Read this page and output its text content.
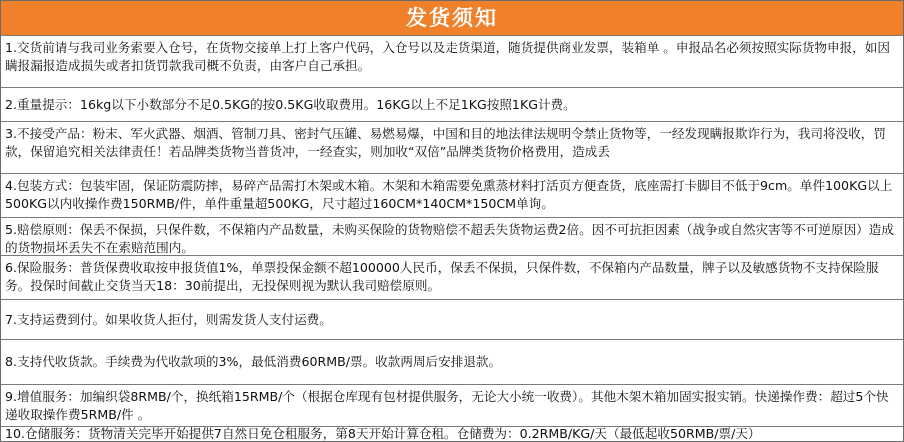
发货须知
1.交货前请与我司业务索要入仓号，在货物交接单上打上客户代码，入仓号以及走货渠道，随货提供商业发票，装箱单 。申报品名必须按照实际货物申报，如因瞒报漏报造成损失或者扣货罚款我司概不负责，由客户自己承担。
2.重量提示：16kg以下小数部分不足0.5KG的按0.5KG收取费用。16KG以上不足1KG按照1KG计费。
3.不接受产品：粉末、军火武器、烟酒、管制刀具、密封气压罐、易燃易爆，中国和目的地法律法规明令禁止货物等，一经发现瞒报欺诈行为，我司将没收，罚款，保留追究相关法律责任！若品牌类货物当普货冲，一经查实，则加收“双倍”品牌类货物价格费用，造成丢
4.包装方式：包装牢固，保证防震防摔，易碎产品需打木架或木箱。木架和木箱需要免熏蒸材料打活页方便查货，底座需打卡脚目不低于9cm。单件100KG以上500KG以内收操作费150RMB/件，单件重量超500KG，尺寸超过160CM*140CM*150CM单询。
5.赔偿原则：保丢不保损，只保件数，不保箱内产品数量，未购买保险的货物赔偿不超丢失货物运费2倍。因不可抗拒因素（战争或自然灾害等不可逆原因）造成的货物损坏丢失不在索赔范围内。
6.保险服务：普货保费收取按申报货值1%，单票投保金额不超100000人民币，保丢不保损，只保件数，不保箱内产品数量，牌子以及敏感货物不支持保险服务。投保时间截止交货当天18：30前提出，无投保则视为默认我司赔偿原则。
7.支持运费到付。如果收货人拒付，则需发货人支付运费。
8.支持代收货款。手续费为代收款项的3%，最低消费60RMB/票。收款两周后安排退款。
9.增值服务：加编织袋8RMB/个，换纸箱15RMB/个（根据仓库现有包材提供服务，无论大小统一收费）。其他木架木箱加固实报实销。快递操作费：超过5个快递收取操作费5RMB/件 。
10.仓储服务：货物清关完毕开始提供7自然日免仓租服务，第8天开始计算仓租。仓储费为：0.2RMB/KG/天（最低起收50RMB/票/天）
